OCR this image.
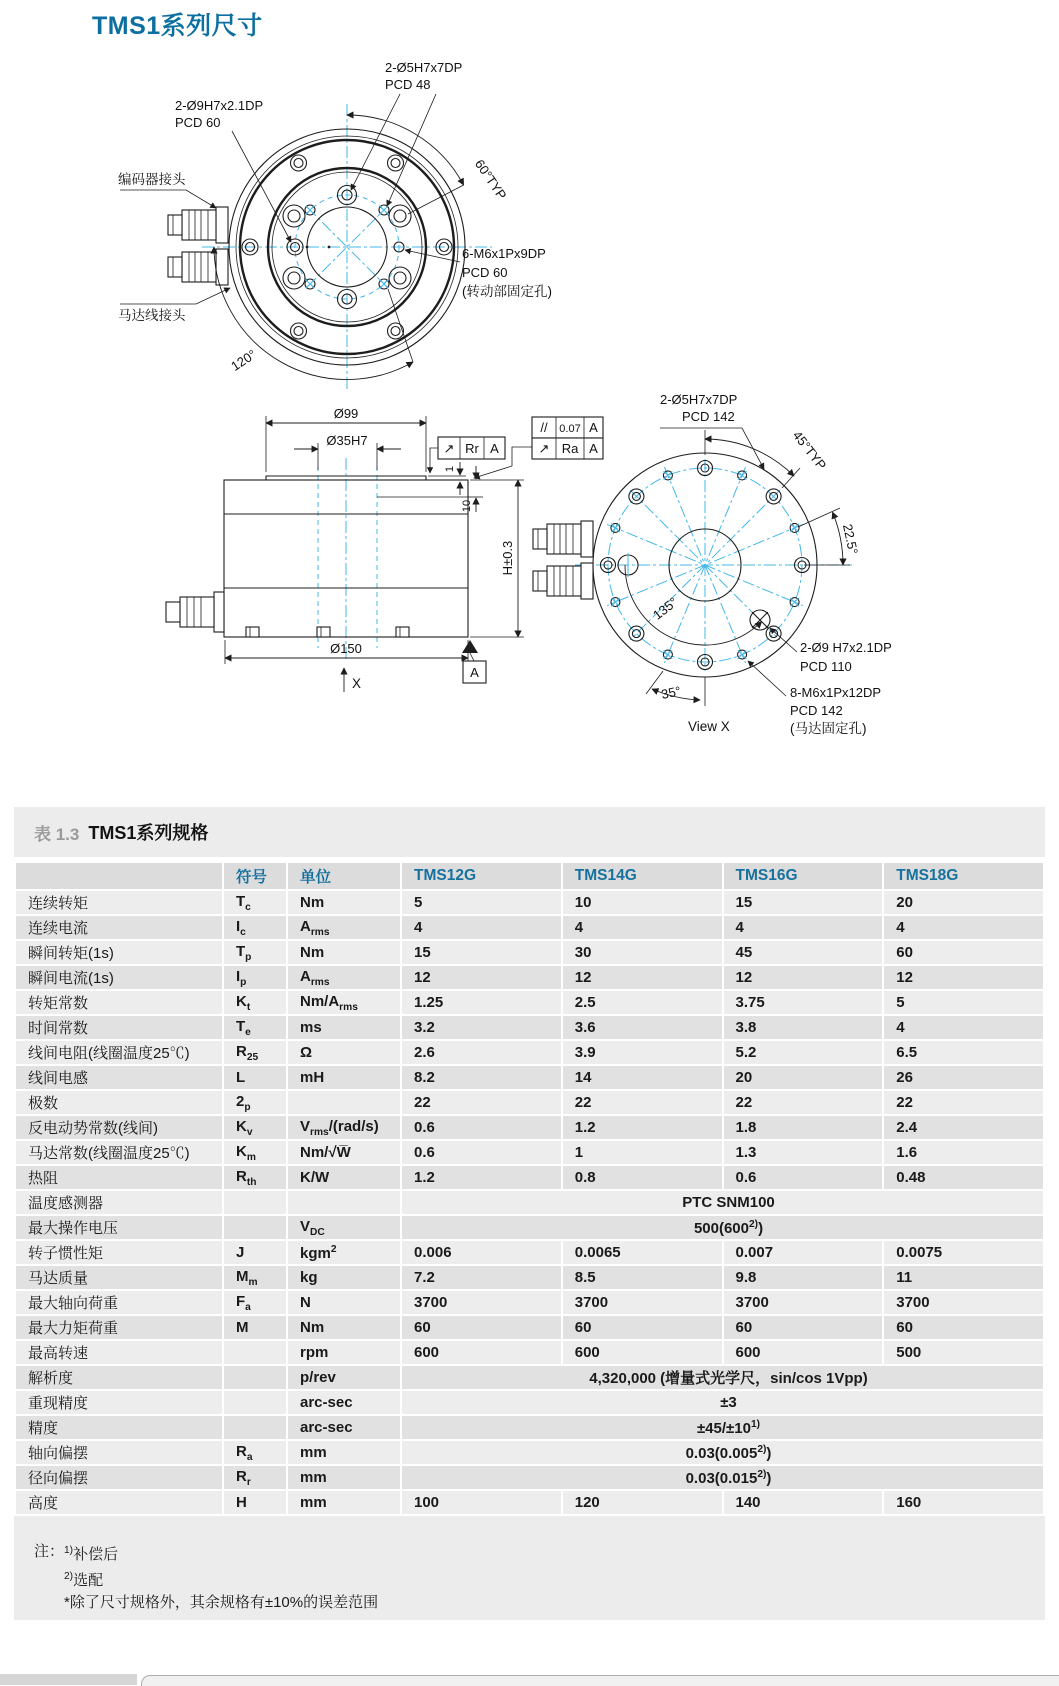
TMS1系列尺寸
2-Ø5H7x7DP
PCD 48
2-Ø9H7x2.1DP
PCD 60
编码器接头
马达线接头
60°TYP
120°
6-M6x1Px9DP
PCD 60
(转动部固定孔)
Ø99
Ø35H7
Ø150
H±0.3
1
10
↗ Rr A
// 0.07 A
↗ Ra A
A
X
2-Ø5H7x7DP
PCD 142
45°TYP
22.5°
135°
35°
2-Ø9 H7x2.1DP
PCD 110
8-M6x1Px12DP
PCD 142
(马达固定孔)
View X
表 1.3 TMS1系列规格
	符号	单位	TMS12G	TMS14G	TMS16G	TMS18G
连续转矩	$T_c$	Nm	5	10	15	20
连续电流	$I_c$	$A_{rms}$	4	4	4	4
瞬间转矩(1s)	$T_p$	Nm	15	30	45	60
瞬间电流(1s)	$I_p$	$A_{rms}$	12	12	12	12
转矩常数	$K_t$	$Nm/A_{rms}$	1.25	2.5	3.75	5
时间常数	$T_e$	ms	3.2	3.6	3.8	4
线间电阻(线圈温度25℃)	$R_{25}$	Ω	2.6	3.9	5.2	6.5
线间电感	L	mH	8.2	14	20	26
极数	$2_p$		22	22	22	22
反电动势常数(线间)	$K_v$	$V_{rms}/(rad/s)$	0.6	1.2	1.8	2.4
马达常数(线圈温度25℃)	$K_m$	Nm/√W̅	0.6	1	1.3	1.6
热阻	$R_{th}$	K/W	1.2	0.8	0.6	0.48
温度感测器			PTC SNM100			
最大操作电压		$V_{DC}$	500(600$^{2)}$)			
转子惯性矩	J	kgm$^2$	0.006	0.0065	0.007	0.0075
马达质量	$M_m$	kg	7.2	8.5	9.8	11
最大轴向荷重	$F_a$	N	3700	3700	3700	3700
最大力矩荷重	M	Nm	60	60	60	60
最高转速		rpm	600	600	600	500
解析度		p/rev	4,320,000 (增量式光学尺，sin/cos 1Vpp)			
重现精度		arc-sec	±3			
精度		arc-sec	$\pm 45/\pm 10^{1)}$
轴向偏摆	$R_a$	mm	0.03(0.005$^{2)}$)			
径向偏摆	$R_r$	mm	0.03(0.015$^{2)}$)			
高度	H	mm	100	120	140	160
注： $^{1)}$补偿后
$^{2)}$选配
*除了尺寸规格外，其余规格有±10%的误差范围
